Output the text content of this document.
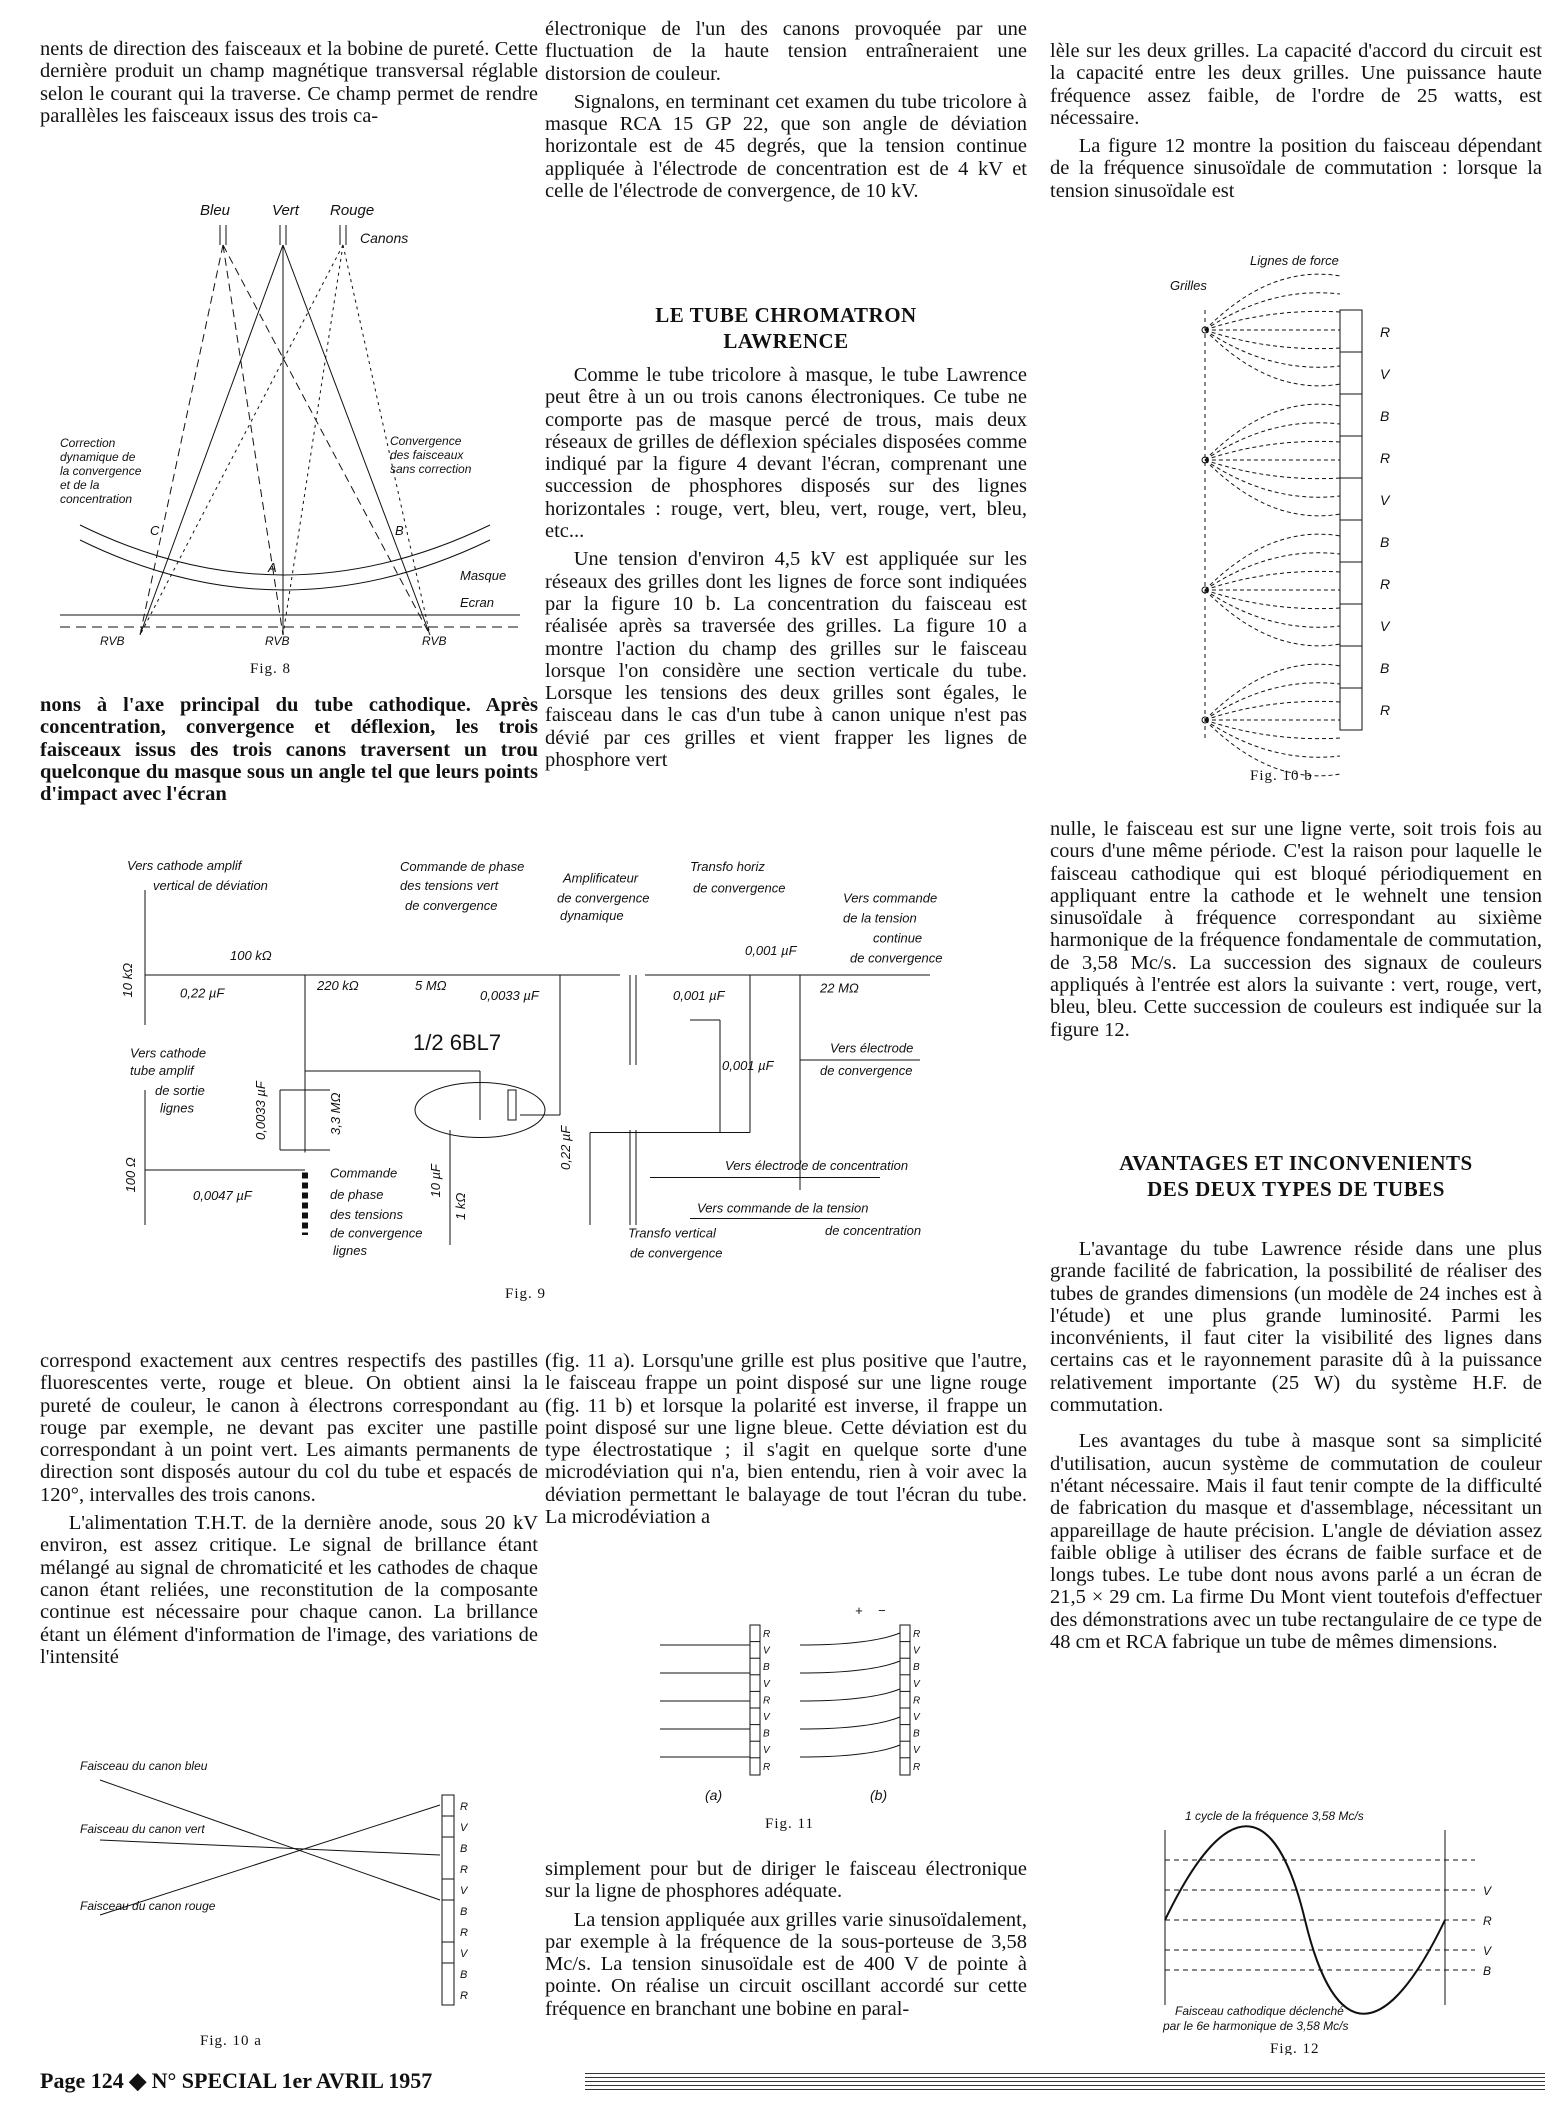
nents de direction des faisceaux et la bobine de pureté. Cette dernière produit un champ magnétique transversal réglable selon le courant qui la traverse. Ce champ permet de rendre parallèles les faisceaux issus des trois ca-

Bleu	Vert Rouge
Canons
Correction
dynamique de
la convergence
et de la
concentration
Convergence
des faisceaux
sans correction
C
A
B
Masque
Ecran
RVB	RVB	RVB
Fig. 8

nons à l'axe principal du tube cathodique. Après concentration, convergence et déflexion, les trois faisceaux issus des trois canons traversent un trou quelconque du masque sous un angle tel que leurs points d'impact avec l'écran

électronique de l'un des canons provoquée par une fluctuation de la haute tension entraîneraient une distorsion de couleur.

Signalons, en terminant cet examen du tube tricolore à masque RCA 15 GP 22, que son angle de déviation horizontale est de 45 degrés, que la tension continue appliquée à l'électrode de concentration est de 4 kV et celle de l'électrode de convergence, de 10 kV.

LE TUBE CHROMATRON
LAWRENCE

Comme le tube tricolore à masque, le tube Lawrence peut être à un ou trois canons électroniques. Ce tube ne comporte pas de masque percé de trous, mais deux réseaux de grilles de déflexion spéciales disposées comme indiqué par la figure 4 devant l'écran, comprenant une succession de phosphores disposés sur des lignes horizontales : rouge, vert, bleu, vert, rouge, vert, bleu, etc...

Une tension d'environ 4,5 kV est appliquée sur les réseaux des grilles dont les lignes de force sont indiquées par la figure 10 b. La concentration du faisceau est réalisée après sa traversée des grilles. La figure 10 a montre l'action du champ des grilles sur le faisceau lorsque l'on considère une section verticale du tube. Lorsque les tensions des deux grilles sont égales, le faisceau dans le cas d'un tube à canon unique n'est pas dévié par ces grilles et vient frapper les lignes de phosphore vert

lèle sur les deux grilles. La capacité d'accord du circuit est la capacité entre les deux grilles. Une puissance haute fréquence assez faible, de l'ordre de 25 watts, est nécessaire.

La figure 12 montre la position du faisceau dépendant de la fréquence sinusoïdale de commutation : lorsque la tension sinusoïdale est

Lignes de force
Grilles
R
V
B
R
V
B
R
V
B
R
Fig. 10 b

nulle, le faisceau est sur une ligne verte, soit trois fois au cours d'une même période. C'est la raison pour laquelle le faisceau cathodique qui est bloqué périodiquement en appliquant entre la cathode et le wehnelt une tension sinusoïdale à fréquence correspondant au sixième harmonique de la fréquence fondamentale de commutation, de 3,58 Mc/s. La succession des signaux de couleurs appliqués à l'entrée est alors la suivante : vert, rouge, vert, bleu, bleu. Cette succession de couleurs est indiquée sur la figure 12.

Vers cathode amplif
vertical de déviation
Commande de phase
des tensions vert
de convergence
Amplificateur
de convergence
dynamique
Transfo horiz
de convergence
Vers commande
de la tension
continue
de convergence
10 kΩ
100 kΩ
0,22 µF	220 kΩ	5 MΩ
0,0033 µF
0,001 µF
0,001 µF
0,001 µF
22 MΩ
1/2 6BL7	Vers électrode
de convergence
Vers cathode
tube amplif
de sortie
lignes	0,0033 µF	3,3 MΩ
100 Ω
0,0047 µF
Commande
de phase
des tensions
de convergence
lignes
10 µF
1 kΩ
0,22 µF	Vers électrode de concentration
Vers commande de la tension
de concentration
Transfo vertical
de convergence
Fig. 9
AVANTAGES ET INCONVENIENTS
DES DEUX TYPES DE TUBES

L'avantage du tube Lawrence réside dans une plus grande facilité de fabrication, la possibilité de réaliser des tubes de grandes dimensions (un modèle de 24 inches est à l'étude) et une plus grande luminosité. Parmi les inconvénients, il faut citer la visibilité des lignes dans certains cas et le rayonnement parasite dû à la puissance relativement importante (25 W) du système H.F. de commutation.

Les avantages du tube à masque sont sa simplicité d'utilisation, aucun système de commutation de couleur n'étant nécessaire. Mais il faut tenir compte de la difficulté de fabrication du masque et d'assemblage, nécessitant un appareillage de haute précision. L'angle de déviation assez faible oblige à utiliser des écrans de faible surface et de longs tubes. Le tube dont nous avons parlé a un écran de 21,5 × 29 cm. La firme Du Mont vient toutefois d'effectuer des démonstrations avec un tube rectangulaire de ce type de 48 cm et RCA fabrique un tube de mêmes dimensions.

1 cycle de la fréquence 3,58 Mc/s
V
R
V
B
Faisceau cathodique déclenché
par le 6e harmonique de 3,58 Mc/s
Fig. 12

correspond exactement aux centres respectifs des pastilles fluorescentes verte, rouge et bleue. On obtient ainsi la pureté de couleur, le canon à électrons correspondant au rouge par exemple, ne devant pas exciter une pastille correspondant à un point vert. Les aimants permanents de direction sont disposés autour du col du tube et espacés de 120°, intervalles des trois canons.

L'alimentation T.H.T. de la dernière anode, sous 20 kV environ, est assez critique. Le signal de brillance étant mélangé au signal de chromaticité et les cathodes de chaque canon étant reliées, une reconstitution de la composante continue est nécessaire pour chaque canon. La brillance étant un élément d'information de l'image, des variations de l'intensité

Faisceau du canon bleu
Faisceau du canon vert
Faisceau du canon rouge
R
V
B
R
V
B
R
V
B
R
Fig. 10 a

(fig. 11 a). Lorsqu'une grille est plus positive que l'autre, le faisceau frappe un point disposé sur une ligne rouge (fig. 11 b) et lorsque la polarité est inverse, il frappe un point disposé sur une ligne bleue. Cette déviation est du type électrostatique ; il s'agit en quelque sorte d'une microdéviation qui n'a, bien entendu, rien à voir avec la déviation permettant le balayage de tout l'écran du tube. La microdéviation a

R	R
V	V
B	B
V	V
R	R
V	V
B	B
V	V
R	R
+ −
(a)	(b)
Fig. 11

simplement pour but de diriger le faisceau électronique sur la ligne de phosphores adéquate.

La tension appliquée aux grilles varie sinusoïdalement, par exemple à la fréquence de la sous-porteuse de 3,58 Mc/s. La tension sinusoïdale est de 400 V de pointe à pointe. On réalise un circuit oscillant accordé sur cette fréquence en branchant une bobine en paral-

Page 124 ◆ N° SPECIAL 1er AVRIL 1957
